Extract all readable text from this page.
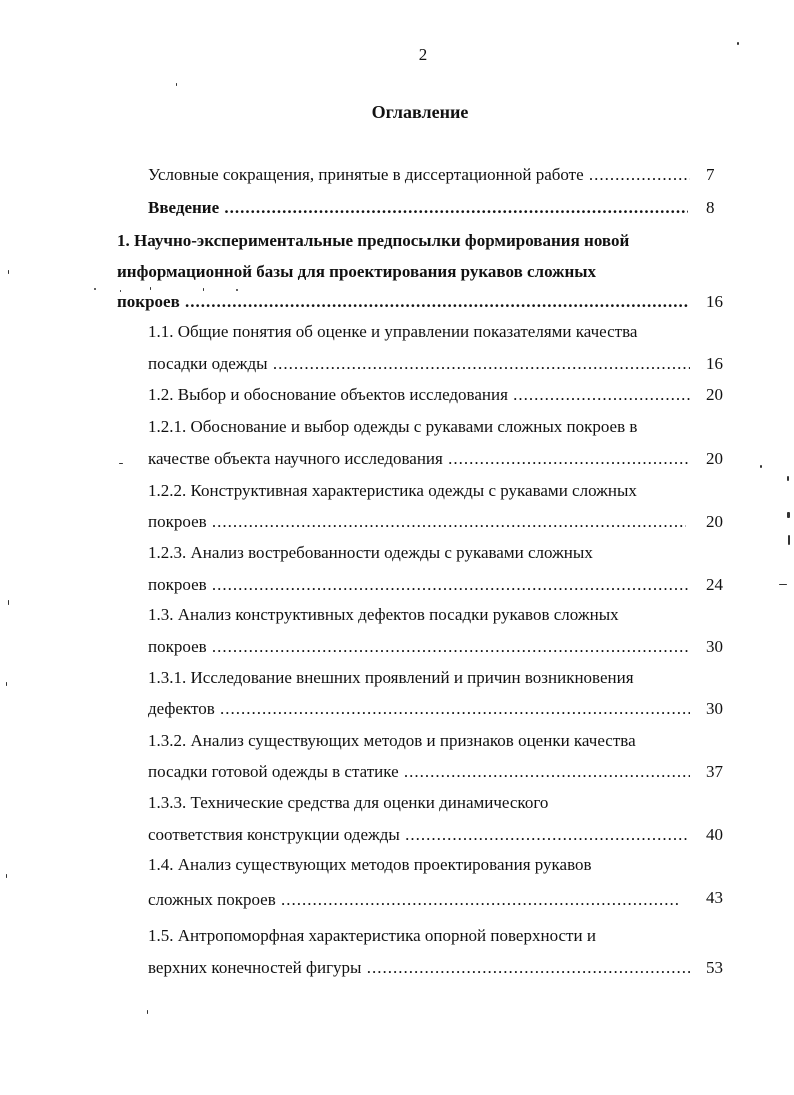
2
Оглавление
Условные сокращения, принятые в диссертационной работе .....	7
Введение .....	8
1. Научно-экспериментальные предпосылки формирования новой
информационной базы для проектирования рукавов сложных
покроев .....	16
1.1. Общие понятия об оценке и управлении показателями качества
посадки одежды .....	16
1.2. Выбор и обоснование объектов исследования .....	20
1.2.1. Обоснование и выбор одежды с рукавами сложных покроев в
качестве объекта научного исследования .....	20
1.2.2. Конструктивная характеристика одежды с рукавами сложных
покроев .....	20
1.2.3. Анализ востребованности одежды с рукавами сложных
покроев .....	24
1.3. Анализ конструктивных дефектов посадки рукавов сложных
покроев .....	30
1.3.1. Исследование внешних проявлений и причин возникновения
дефектов .....	30
1.3.2. Анализ существующих методов и признаков оценки качества
посадки готовой одежды в статике .....	37
1.3.3. Технические средства для оценки динамического
соответствия конструкции одежды .....	40
1.4. Анализ существующих методов проектирования рукавов
сложных покроев .....	43
1.5. Антропоморфная характеристика опорной поверхности и
верхних конечностей фигуры .....	53
